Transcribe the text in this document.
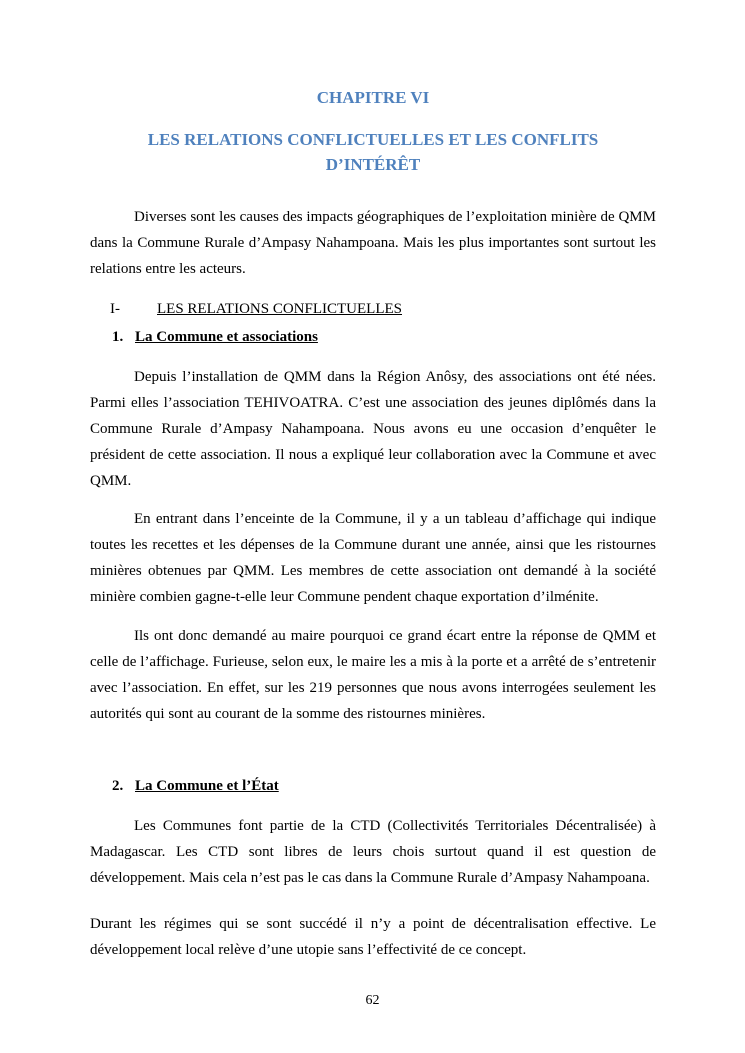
CHAPITRE VI
LES RELATIONS CONFLICTUELLES ET LES CONFLITS D’INTÉRÊT

Diverses sont les causes des impacts géographiques de l’exploitation minière de QMM dans la Commune Rurale d’Ampasy Nahampoana. Mais les plus importantes sont surtout les relations entre les acteurs.

I- LES RELATIONS CONFLICTUELLES
1. La Commune et associations

Depuis l’installation de QMM dans la Région Anôsy, des associations ont été nées. Parmi elles l’association TEHIVOATRA. C’est une association des jeunes diplômés dans la Commune Rurale d’Ampasy Nahampoana. Nous avons eu une occasion d’enquêter le président de cette association. Il nous a expliqué leur collaboration avec la Commune et avec QMM.

En entrant dans l’enceinte de la Commune, il y a un tableau d’affichage qui indique toutes les recettes et les dépenses de la Commune durant une année, ainsi que les ristournes minières obtenues par QMM. Les membres de cette association ont demandé à la société minière combien gagne-t-elle leur Commune pendent chaque exportation d’ilménite.

Ils ont donc demandé au maire pourquoi ce grand écart entre la réponse de QMM et celle de l’affichage. Furieuse, selon eux, le maire les a mis à la porte et a arrêté de s’entretenir avec l’association. En effet, sur les 219 personnes que nous avons interrogées seulement les autorités qui sont au courant de la somme des ristournes minières.

2. La Commune et l’État

Les Communes font partie de la CTD (Collectivités Territoriales Décentralisée) à Madagascar. Les CTD sont libres de leurs chois surtout quand il est question de développement. Mais cela n’est pas le cas dans la Commune Rurale d’Ampasy Nahampoana.

Durant les régimes qui se sont succédé il n’y a point de décentralisation effective. Le développement local relève d’une utopie sans l’effectivité de ce concept.

62
